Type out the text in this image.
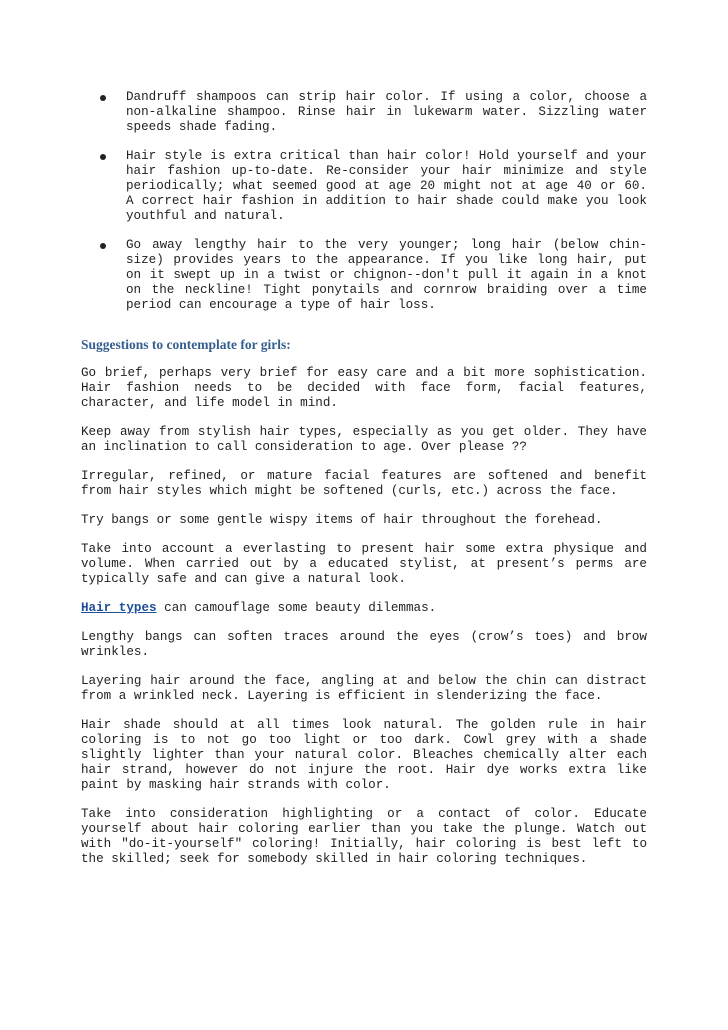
Dandruff shampoos can strip hair color. If using a color, choose a non-alkaline shampoo. Rinse hair in lukewarm water. Sizzling water speeds shade fading.
Hair style is extra critical than hair color! Hold yourself and your hair fashion up-to-date. Re-consider your hair minimize and style periodically; what seemed good at age 20 might not at age 40 or 60. A correct hair fashion in addition to hair shade could make you look youthful and natural.
Go away lengthy hair to the very younger; long hair (below chin-size) provides years to the appearance. If you like long hair, put on it swept up in a twist or chignon--don't pull it again in a knot on the neckline! Tight ponytails and cornrow braiding over a time period can encourage a type of hair loss.
Suggestions to contemplate for girls:

Go brief, perhaps very brief for easy care and a bit more sophistication. Hair fashion needs to be decided with face form, facial features, character, and life model in mind.

Keep away from stylish hair types, especially as you get older. They have an inclination to call consideration to age. Over please ??

Irregular, refined, or mature facial features are softened and benefit from hair styles which might be softened (curls, etc.) across the face.

Try bangs or some gentle wispy items of hair throughout the forehead.

Take into account a everlasting to present hair some extra physique and volume. When carried out by a educated stylist, at present’s perms are typically safe and can give a natural look.

Hair types can camouflage some beauty dilemmas.

Lengthy bangs can soften traces around the eyes (crow’s toes) and brow wrinkles.

Layering hair around the face, angling at and below the chin can distract from a wrinkled neck. Layering is efficient in slenderizing the face.

Hair shade should at all times look natural. The golden rule in hair coloring is to not go too light or too dark. Cowl grey with a shade slightly lighter than your natural color. Bleaches chemically alter each hair strand, however do not injure the root. Hair dye works extra like paint by masking hair strands with color.

Take into consideration highlighting or a contact of color. Educate yourself about hair coloring earlier than you take the plunge. Watch out with "do-it-yourself" coloring! Initially, hair coloring is best left to the skilled; seek for somebody skilled in hair coloring techniques.
